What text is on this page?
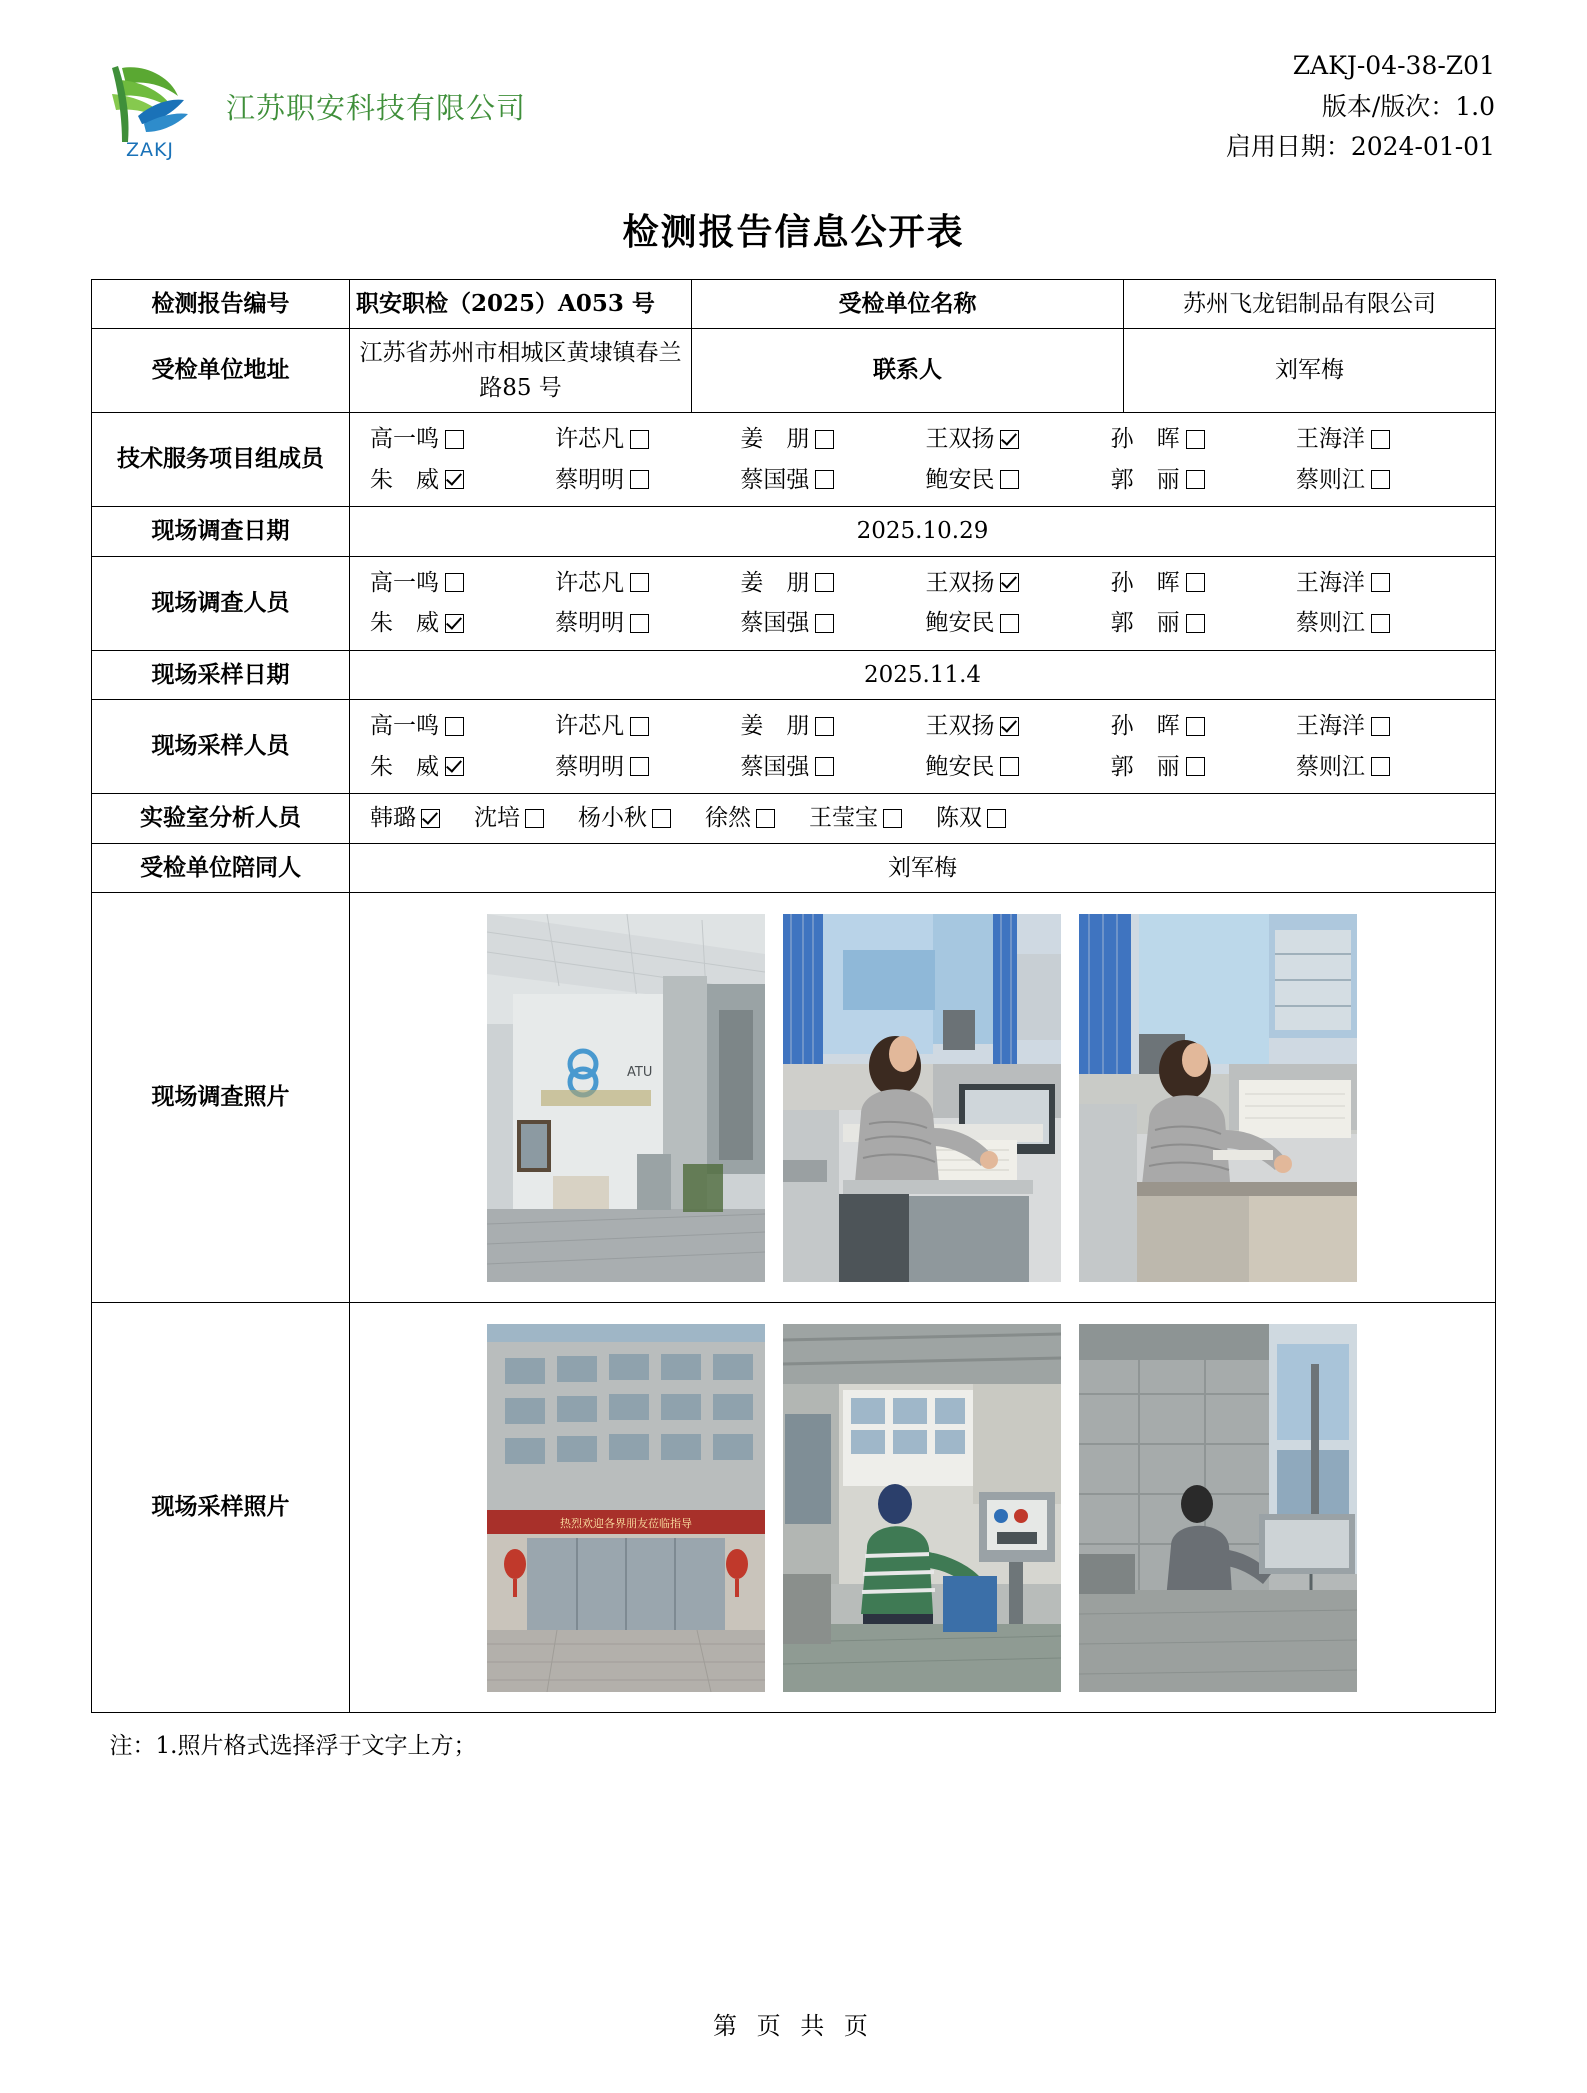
ZAKJ
江苏职安科技有限公司
ZAKJ-04-38-Z01
版本/版次：1.0
启用日期：2024-01-01
检测报告信息公开表
检测报告编号	职安职检（2025）A053 号	受检单位名称	苏州飞龙铝制品有限公司
受检单位地址	江苏省苏州市相城区黄埭镇春兰路85 号	联系人	刘军梅
技术服务项目组成员	
高一鸣	许芯凡	姜　朋	王双扬	孙　晖	王海洋
朱　威	蔡明明	蔡国强	鲍安民	郭　丽	蔡则江

现场调查日期	2025.10.29		
现场调查人员	
高一鸣	许芯凡	姜　朋	王双扬	孙　晖	王海洋
朱　威	蔡明明	蔡国强	鲍安民	郭　丽	蔡则江

现场采样日期	2025.11.4		
现场采样人员	
高一鸣	许芯凡	姜　朋	王双扬	孙　晖	王海洋
朱　威	蔡明明	蔡国强	鲍安民	郭　丽	蔡则江

实验室分析人员	韩璐	沈培	杨小秋	徐然	王莹宝	陈双

受检单位陪同人	刘军梅		
现场调查照片	ATU		

现场采样照片	热烈欢迎各界朋友莅临指导		
注：1.照片格式选择浮于文字上方；
第 页 共 页
